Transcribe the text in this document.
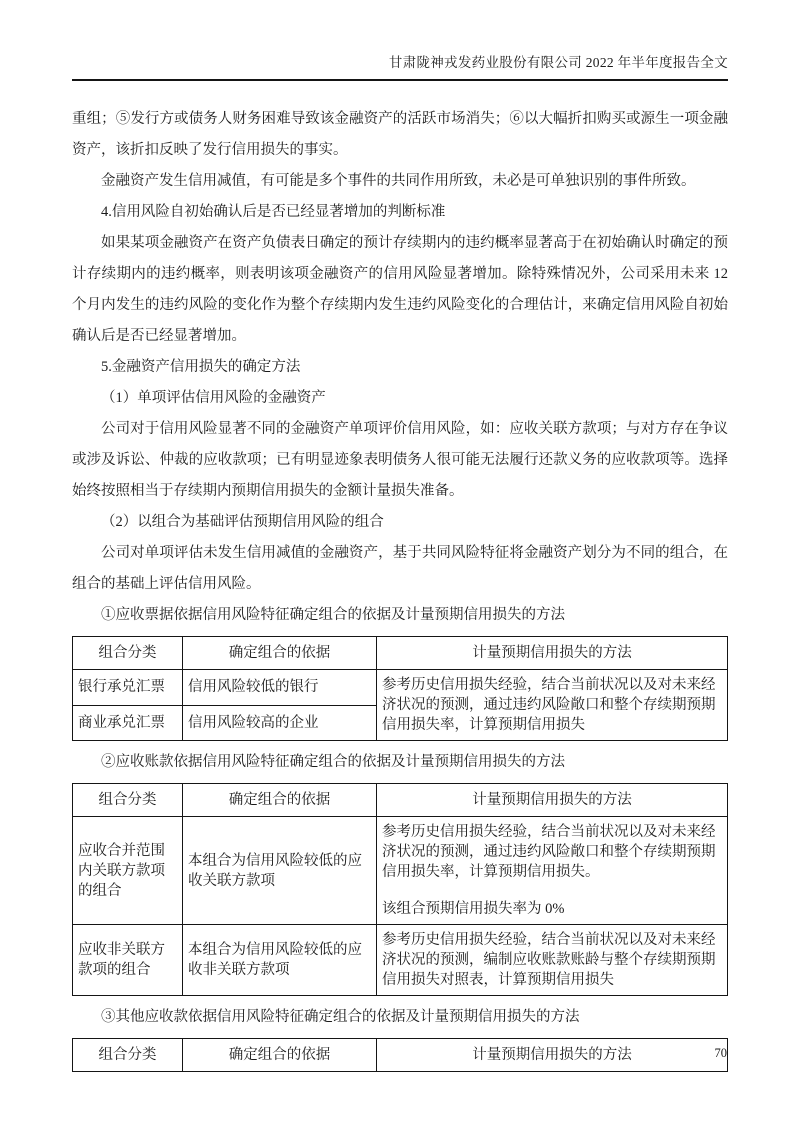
甘肃陇神戎发药业股份有限公司 2022 年半年度报告全文

重组；⑤发行方或债务人财务困难导致该金融资产的活跃市场消失；⑥以大幅折扣购买或源生一项金融资产，该折扣反映了发行信用损失的事实。

金融资产发生信用减值，有可能是多个事件的共同作用所致，未必是可单独识别的事件所致。

4.信用风险自初始确认后是否已经显著增加的判断标准

如果某项金融资产在资产负债表日确定的预计存续期内的违约概率显著高于在初始确认时确定的预计存续期内的违约概率，则表明该项金融资产的信用风险显著增加。除特殊情况外，公司采用未来 12 个月内发生的违约风险的变化作为整个存续期内发生违约风险变化的合理估计，来确定信用风险自初始确认后是否已经显著增加。

5.金融资产信用损失的确定方法

（1）单项评估信用风险的金融资产

公司对于信用风险显著不同的金融资产单项评价信用风险，如：应收关联方款项；与对方存在争议或涉及诉讼、仲裁的应收款项；已有明显迹象表明债务人很可能无法履行还款义务的应收款项等。选择始终按照相当于存续期内预期信用损失的金额计量损失准备。

（2）以组合为基础评估预期信用风险的组合

公司对单项评估未发生信用减值的金融资产，基于共同风险特征将金融资产划分为不同的组合，在组合的基础上评估信用风险。

①应收票据依据信用风险特征确定组合的依据及计量预期信用损失的方法

组合分类	确定组合的依据	计量预期信用损失的方法
银行承兑汇票	信用风险较低的银行	参考历史信用损失经验，结合当前状况以及对未来经济状况的预测，通过违约风险敞口和整个存续期预期信用损失率，计算预期信用损失
商业承兑汇票	信用风险较高的企业	

②应收账款依据信用风险特征确定组合的依据及计量预期信用损失的方法

组合分类	确定组合的依据	计量预期信用损失的方法
应收合并范围内关联方款项的组合	本组合为信用风险较低的应收关联方款项	参考历史信用损失经验，结合当前状况以及对未来经济状况的预测，通过违约风险敞口和整个存续期预期信用损失率，计算预期信用损失。
该组合预期信用损失率为 0%

应收非关联方款项的组合	本组合为信用风险较低的应收非关联方款项	参考历史信用损失经验，结合当前状况以及对未来经济状况的预测，编制应收账款账龄与整个存续期预期信用损失对照表，计算预期信用损失

③其他应收款依据信用风险特征确定组合的依据及计量预期信用损失的方法

组合分类	确定组合的依据	计量预期信用损失的方法	70
